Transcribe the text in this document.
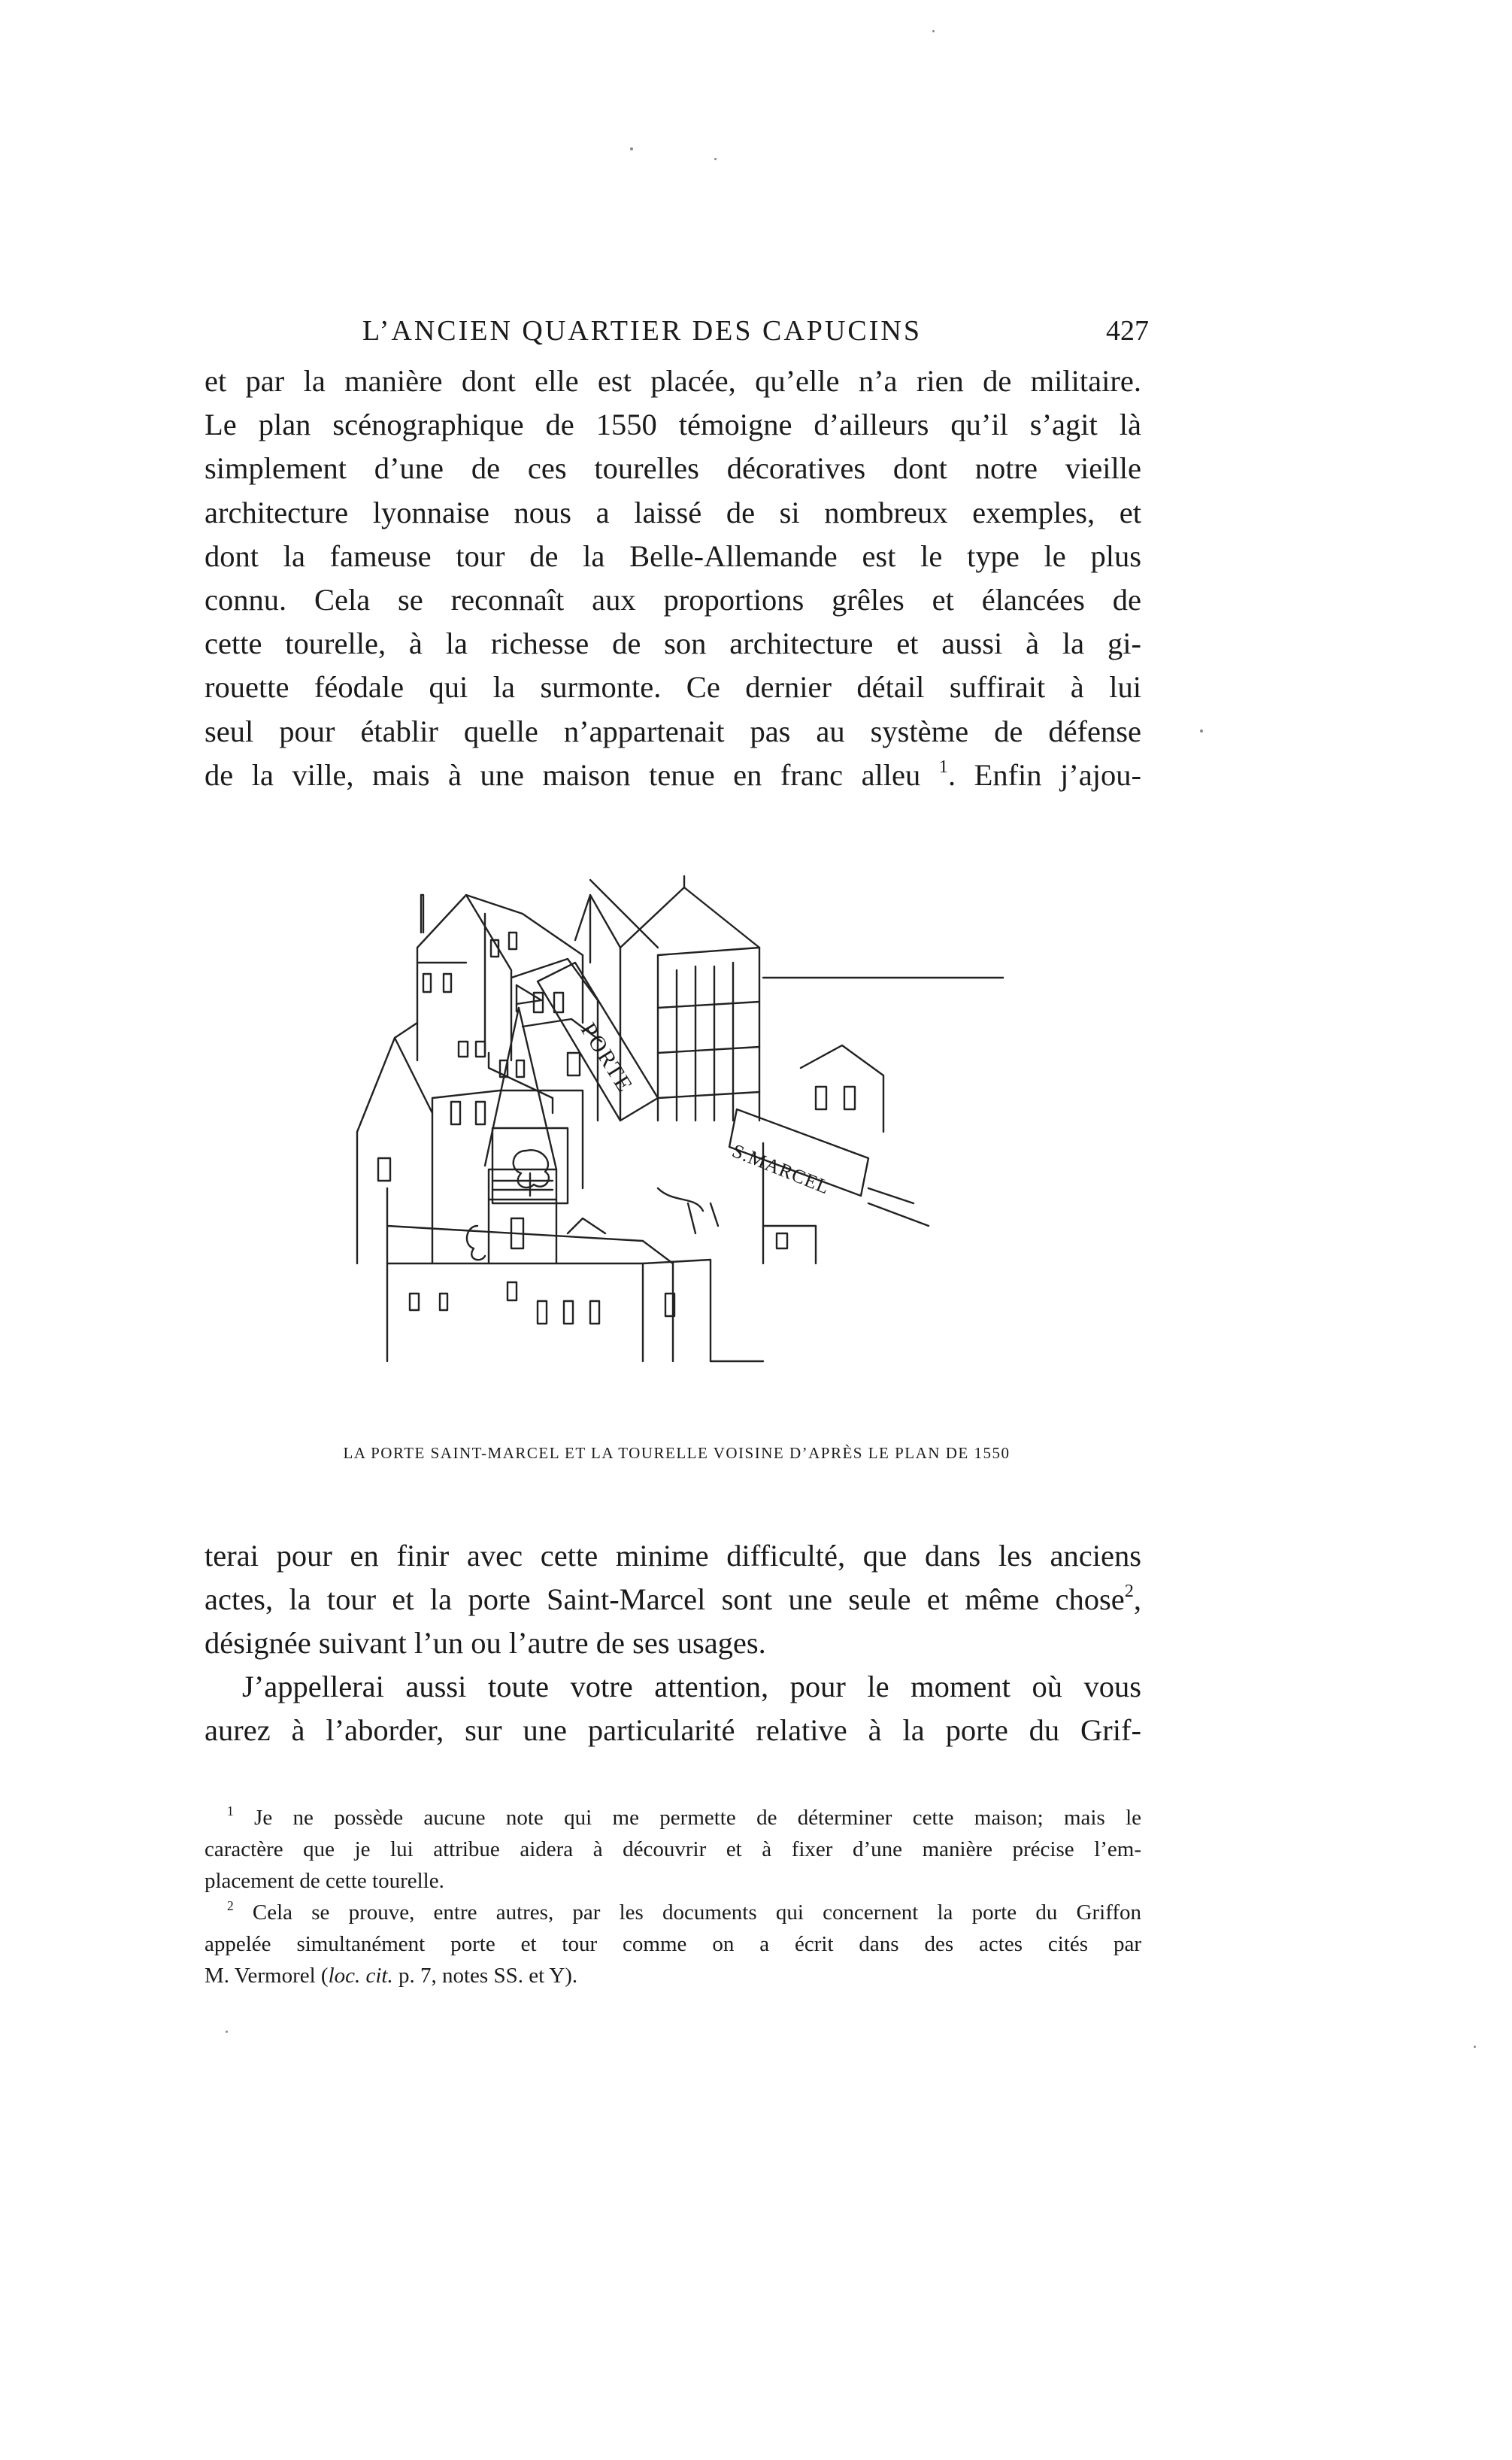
L’ANCIEN QUARTIER DES CAPUCINS	427
et par la manière dont elle est placée, qu’elle n’a rien de militaire.
Le plan scénographique de 1550 témoigne d’ailleurs qu’il s’agit là
simplement d’une de ces tourelles décoratives dont notre vieille
architecture lyonnaise nous a laissé de si nombreux exemples, et
dont la fameuse tour de la Belle-Allemande est le type le plus
connu. Cela se reconnaît aux proportions grêles et élancées de
cette tourelle, à la richesse de son architecture et aussi à la gi-
rouette féodale qui la surmonte. Ce dernier détail suffirait à lui
seul pour établir quelle n’appartenait pas au système de défense
de la ville, mais à une maison tenue en franc alleu $^1$. Enfin j’ajou-
PORTE
S.MARCEL
LA PORTE SAINT-MARCEL ET LA TOURELLE VOISINE D’APRÈS LE PLAN DE 1550
terai pour en finir avec cette minime difficulté, que dans les anciens
actes, la tour et la porte Saint-Marcel sont une seule et même chose$^2$,
désignée suivant l’un ou l’autre de ses usages.
J’appellerai aussi toute votre attention, pour le moment où vous
aurez à l’aborder, sur une particularité relative à la porte du Grif-
$^1$ Je ne possède aucune note qui me permette de déterminer cette maison; mais le
caractère que je lui attribue aidera à découvrir et à fixer d’une manière précise l’em-
placement de cette tourelle.
$^2$ Cela se prouve, entre autres, par les documents qui concernent la porte du Griffon
appelée simultanément porte et tour comme on a écrit dans des actes cités par
M. Vermorel (loc. cit. p. 7, notes SS. et Y).
